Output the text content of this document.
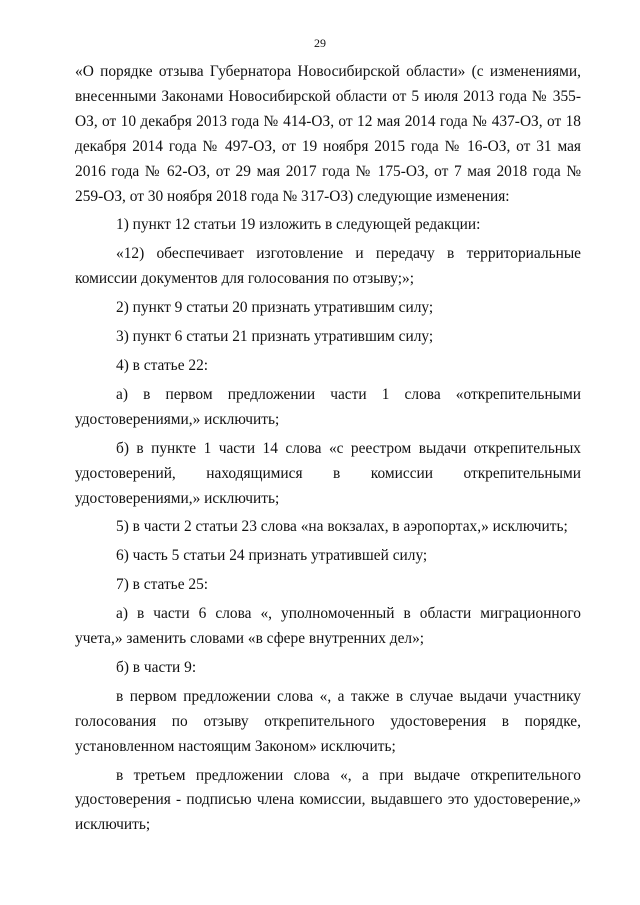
29

«О порядке отзыва Губернатора Новосибирской области» (с изменениями, внесенными Законами Новосибирской области от 5 июля 2013 года № 355-ОЗ, от 10 декабря 2013 года № 414-ОЗ, от 12 мая 2014 года № 437-ОЗ, от 18 декабря 2014 года № 497-ОЗ, от 19 ноября 2015 года № 16-ОЗ, от 31 мая 2016 года № 62-ОЗ, от 29 мая 2017 года № 175-ОЗ, от 7 мая 2018 года № 259-ОЗ, от 30 ноября 2018 года № 317-ОЗ) следующие изменения:

1) пункт 12 статьи 19 изложить в следующей редакции:

«12) обеспечивает изготовление и передачу в территориальные комиссии документов для голосования по отзыву;»;

2) пункт 9 статьи 20 признать утратившим силу;

3) пункт 6 статьи 21 признать утратившим силу;

4) в статье 22:

а) в первом предложении части 1 слова «открепительными удостоверениями,» исключить;

б) в пункте 1 части 14 слова «с реестром выдачи открепительных удостоверений, находящимися в комиссии открепительными удостоверениями,» исключить;

5) в части 2 статьи 23 слова «на вокзалах, в аэропортах,» исключить;

6) часть 5 статьи 24 признать утратившей силу;

7) в статье 25:

а) в части 6 слова «, уполномоченный в области миграционного учета,» заменить словами «в сфере внутренних дел»;

б) в части 9:

в первом предложении слова «, а также в случае выдачи участнику голосования по отзыву открепительного удостоверения в порядке, установленном настоящим Законом» исключить;

в третьем предложении слова «, а при выдаче открепительного удостоверения - подписью члена комиссии, выдавшего это удостоверение,» исключить;
